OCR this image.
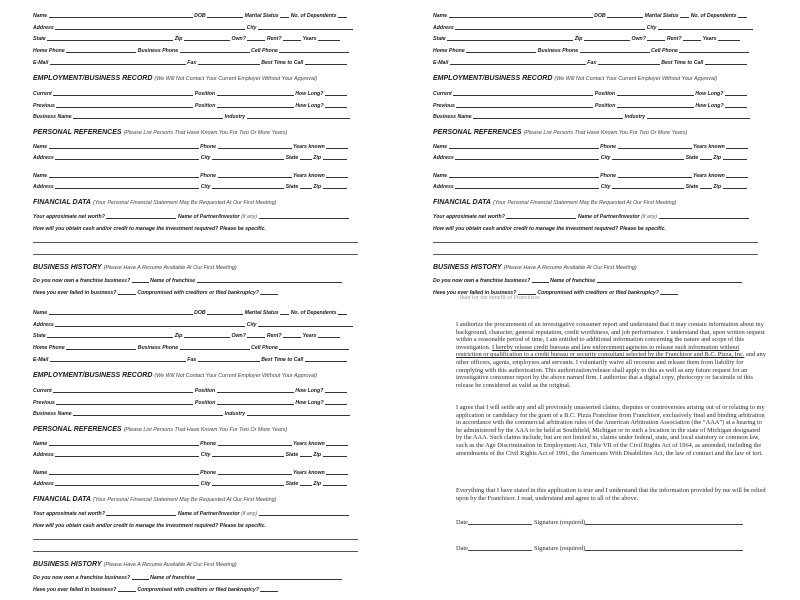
Name	DOB	Marital Status No. of Dependents
Address	City
State	Zip	Own?	Rent?	Years
Home Phone	Business Phone	Cell Phone
E-Mail	Fax	Best Time to Call
EMPLOYMENT/BUSINESS RECORD (We Will Not Contact Your Current Employer Without Your Approval)
Current	Position	How Long?
Previous	Position	How Long?
Business Name	Industry
PERSONAL REFERENCES (Please List Persons That Have Known You For Two Or More Years)
Name	Phone	Years known
Address	City	State	Zip
Name	Phone	Years known
Address	City	State	Zip
FINANCIAL DATA (Your Personal Financial Statement May Be Requested At Our First Meeting)
Your approximate net worth?	Name of Partner/Investor (if any)
How will you obtain cash and/or credit to manage the investment required? Please be specific.
BUSINESS HISTORY (Please Have A Resume Available At Our First Meeting)
Do you now own a franchise business?	Name of franchise
Have you ever failed in business?	Compromised with creditors or filed bankruptcy?
Name	DOB	Marital Status No. of Dependents
Address	City
State	Zip	Own?	Rent?	Years
Home Phone	Business Phone	Cell Phone
E-Mail	Fax	Best Time to Call
EMPLOYMENT/BUSINESS RECORD (We Will Not Contact Your Current Employer Without Your Approval)
Current	Position	How Long?
Previous	Position	How Long?
Business Name	Industry
PERSONAL REFERENCES (Please List Persons That Have Known You For Two Or More Years)
Name	Phone	Years known
Address	City	State	Zip
Name	Phone	Years known
Address	City	State	Zip
FINANCIAL DATA (Your Personal Financial Statement May Be Requested At Our First Meeting)
Your approximate net worth?	Name of Partner/Investor (if any)
How will you obtain cash and/or credit to manage the investment required? Please be specific.
BUSINESS HISTORY (Please Have A Resume Available At Our First Meeting)
Do you now own a franchise business?	Name of franchise
Have you ever failed in business?	Compromised with creditors or filed bankruptcy?
Name	DOB	Marital Status No. of Dependents
Address	City
State	Zip	Own?	Rent?	Years
Home Phone	Business Phone	Cell Phone
E-Mail	Fax	Best Time to Call
EMPLOYMENT/BUSINESS RECORD (We Will Not Contact Your Current Employer Without Your Approval)
Current	Position	How Long?
Previous	Position	How Long?
Business Name	Industry
PERSONAL REFERENCES (Please List Persons That Have Known You For Two Or More Years)
Name	Phone	Years known
Address	City	State	Zip
Name	Phone	Years known
Address	City	State	Zip
FINANCIAL DATA (Your Personal Financial Statement May Be Requested At Our First Meeting)
Your approximate net worth?	Name of Partner/Investor (if any)
How will you obtain cash and/or credit to manage the investment required? Please be specific.
BUSINESS HISTORY (Please Have A Resume Available At Our First Meeting)
Do you now own a franchise business?	Name of franchise
Have you ever failed in business?	Compromised with creditors or filed bankruptcy?
than for the benefit of Franchisor.

I authorize the procurement of an investigative consumer report and understand that it may contain information about my background, character, general reputation, credit worthiness, and job performance. I understand that, upon written request within a reasonable period of time, I am entitled to additional information concerning the nature and scope of this investigation. I hereby release credit bureaus and law enforcement agencies to release such information without restriction or qualification to a credit bureau or security consultant selected by the Franchisor and B.C. Pizza, Inc. and any other officers, agents, employees and servants. I voluntarily waive all recourse and release them from liability for complying with this authorization. This authorization/release shall apply to this as well as any future request for an investigative consumer report by the above named firm. I authorize that a digital copy, photocopy or facsimile of this release be considered as valid as the original.

I agree that I will settle any and all previously unasserted claims, disputes or controversies arising out of or relating to my application or candidacy for the grant of a B.C. Pizza Franchise from Franchisor, exclusively final and binding arbitration in accordance with the commercial arbitration rules of the American Arbitration Association (the “AAA”) at a hearing to be administered by the AAA to be held at Southfield, Michigan or in such a location in the state of Michigan designated by the AAA. Such claims include, but are not limited to, claims under federal, state, and local statutory or common law, such as the Age Discrimination in Employment Act, Title VII of the Civil Rights Act of 1964, as amended, including the amendments of the Civil Rights Act of 1991, the Americans With Disabilities Act, the law of contract and the law of tort.

Everything that I have stated in this application is true and I understand that the information provided by me will be relied upon by the Franchisor. I read, understand and agree to all of the above.

Date	Signature (required)
Date	Signature (required)
